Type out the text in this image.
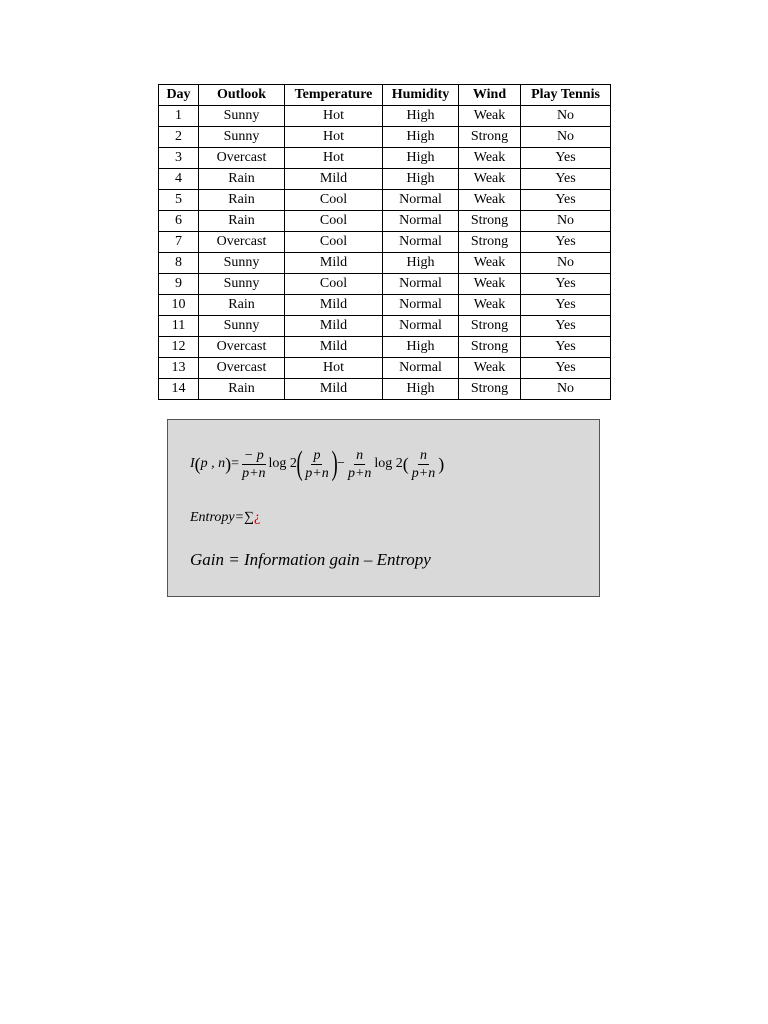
Day	Outlook	Temperature	Humidity	Wind	Play Tennis
1	Sunny	Hot	High	Weak	No
2	Sunny	Hot	High	Strong	No
3	Overcast	Hot	High	Weak	Yes
4	Rain	Mild	High	Weak	Yes
5	Rain	Cool	Normal	Weak	Yes
6	Rain	Cool	Normal	Strong	No
7	Overcast	Cool	Normal	Strong	Yes
8	Sunny	Mild	High	Weak	No
9	Sunny	Cool	Normal	Weak	Yes
10	Rain	Mild	Normal	Weak	Yes
11	Sunny	Mild	Normal	Strong	Yes
12	Overcast	Mild	High	Strong	Yes
13	Overcast	Hot	Normal	Weak	Yes
14	Rain	Mild	High	Strong	No
I ( p , n ) = $\frac{- p}{p+n}$ log 2 ( $\frac{p}{p+n}$ ) − $\frac{n}{p+n}$ log 2 ( $\frac{n}{p+n}$ )
Entropy=∑¿
Gain = Information gain – Entropy
